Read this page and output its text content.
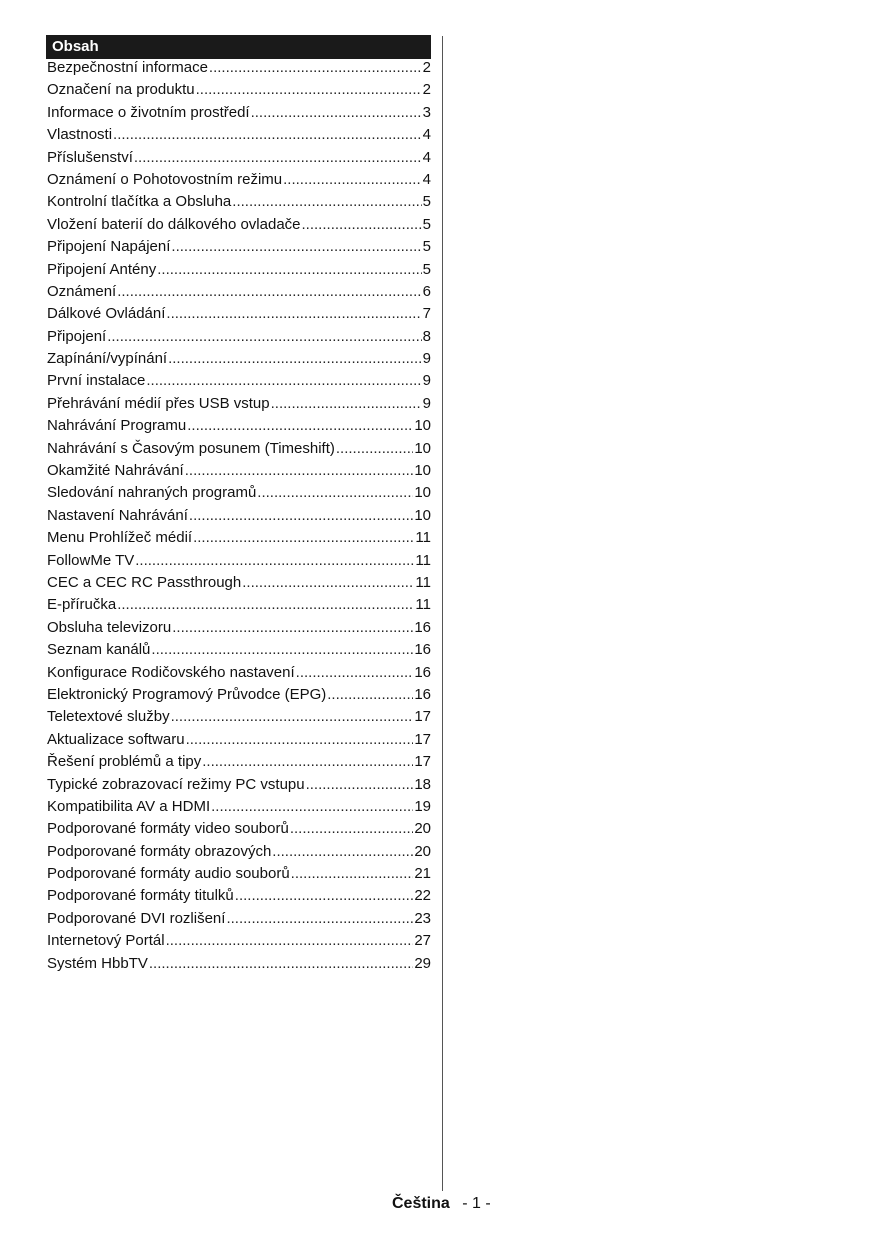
Obsah
Bezpečnostní informace .....	2
Označení na produktu .....	2
Informace o životním prostředí .....	3
Vlastnosti .....	4
Příslušenství .....	4
Oznámení o Pohotovostním režimu .....	4
Kontrolní tlačítka a Obsluha .....	5
Vložení baterií do dálkového ovladače .....	5
Připojení Napájení .....	5
Připojení Antény .....	5
Oznámení .....	6
Dálkové Ovládání .....	7
Připojení .....	8
Zapínání/vypínání .....	9
První instalace .....	9
Přehrávání médií přes USB vstup .....	9
Nahrávání Programu .....	10
Nahrávání s Časovým posunem (Timeshift) .....	10
Okamžité Nahrávání .....	10
Sledování nahraných programů .....	10
Nastavení Nahrávání .....	10
Menu Prohlížeč médií .....	11
FollowMe TV .....	11
CEC a CEC RC Passthrough .....	11
E-příručka .....	11
Obsluha televizoru .....	16
Seznam kanálů .....	16
Konfigurace Rodičovského nastavení .....	16
Elektronický Programový Průvodce (EPG) .....	16
Teletextové služby .....	17
Aktualizace softwaru .....	17
Řešení problémů a tipy .....	17
Typické zobrazovací režimy PC vstupu .....	18
Kompatibilita AV a HDMI .....	19
Podporované formáty video souborů .....	20
Podporované formáty obrazových .....	20
Podporované formáty audio souborů .....	21
Podporované formáty titulků .....	22
Podporované DVI rozlišení .....	23
Internetový Portál .....	27
Systém HbbTV .....	29
Čeština - 1 -
